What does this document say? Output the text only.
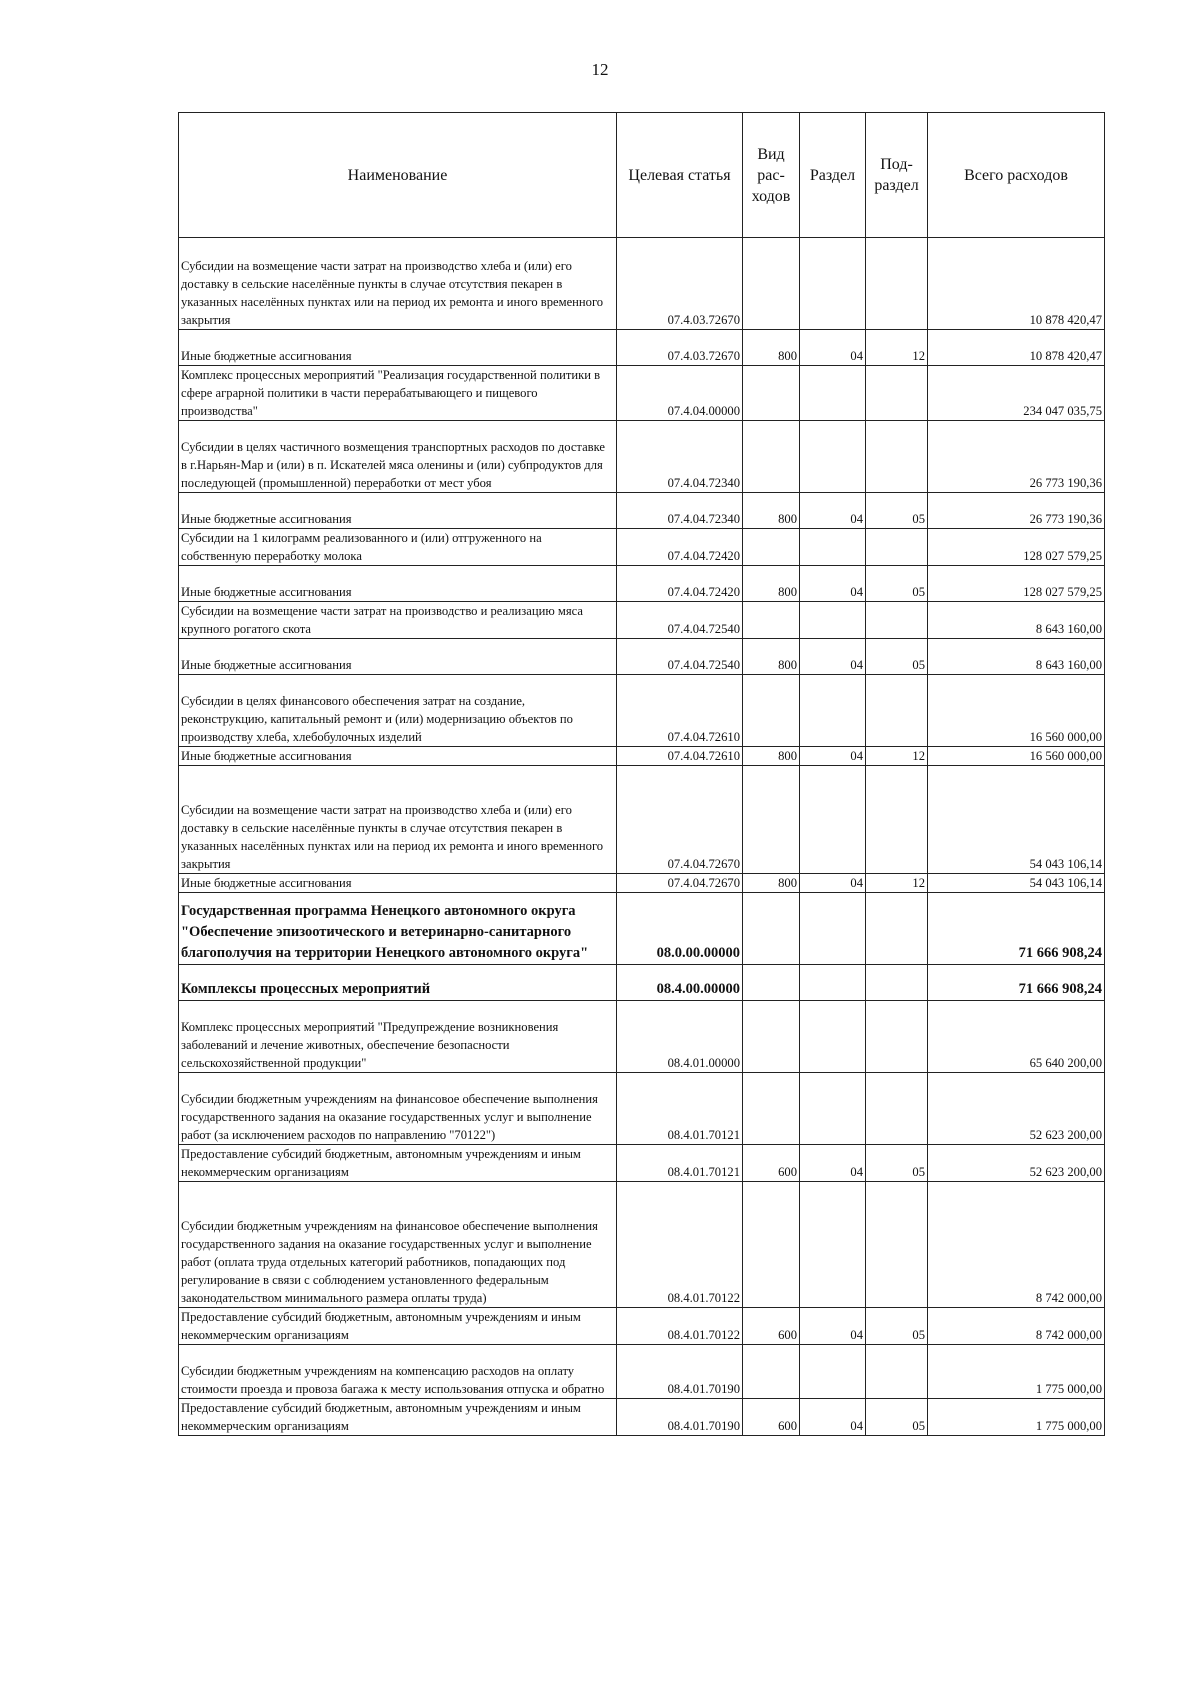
12
Наименование	Целевая статья	Вид рас-ходов	Раздел	Под-раздел	Всего расходов
Субсидии на возмещение части затрат на производство хлеба и (или) его доставку в сельские населённые пункты в случае отсутствия пекарен в указанных населённых пунктах или на период их ремонта и иного временного закрытия	07.4.03.72670				10 878 420,47
Иные бюджетные ассигнования	07.4.03.72670	800	04	12	10 878 420,47
Комплекс процессных мероприятий "Реализация государственной политики в сфере аграрной политики в части перерабатывающего и пищевого производства"	07.4.04.00000				234 047 035,75
Субсидии в целях частичного возмещения транспортных расходов по доставке в г.Нарьян-Мар и (или) в п. Искателей мяса оленины и (или) субпродуктов для последующей (промышленной) переработки от мест убоя	07.4.04.72340				26 773 190,36
Иные бюджетные ассигнования	07.4.04.72340	800	04	05	26 773 190,36
Субсидии на 1 килограмм реализованного и (или) отгруженного на собственную переработку молока	07.4.04.72420				128 027 579,25
Иные бюджетные ассигнования	07.4.04.72420	800	04	05	128 027 579,25
Субсидии на возмещение части затрат на производство и реализацию мяса крупного рогатого скота	07.4.04.72540				8 643 160,00
Иные бюджетные ассигнования	07.4.04.72540	800	04	05	8 643 160,00
Субсидии в целях финансового обеспечения затрат на создание, реконструкцию, капитальный ремонт и (или) модернизацию объектов по производству хлеба, хлебобулочных изделий	07.4.04.72610				16 560 000,00
Иные бюджетные ассигнования	07.4.04.72610	800	04	12	16 560 000,00
Субсидии на возмещение части затрат на производство хлеба и (или) его доставку в сельские населённые пункты в случае отсутствия пекарен в указанных населённых пунктах или на период их ремонта и иного временного закрытия	07.4.04.72670				54 043 106,14
Иные бюджетные ассигнования	07.4.04.72670	800	04	12	54 043 106,14
Государственная программа Ненецкого автономного округа "Обеспечение эпизоотического и ветеринарно-санитарного благополучия на территории Ненецкого автономного округа"	08.0.00.00000				71 666 908,24
Комплексы процессных мероприятий	08.4.00.00000				71 666 908,24
Комплекс процессных мероприятий "Предупреждение возникновения заболеваний и лечение животных, обеспечение безопасности сельскохозяйственной продукции"	08.4.01.00000				65 640 200,00
Субсидии бюджетным учреждениям на финансовое обеспечение выполнения государственного задания на оказание государственных услуг и выполнение работ (за исключением расходов по направлению "70122")	08.4.01.70121				52 623 200,00
Предоставление субсидий бюджетным, автономным учреждениям и иным некоммерческим организациям	08.4.01.70121	600	04	05	52 623 200,00
Субсидии бюджетным учреждениям на финансовое обеспечение выполнения государственного задания на оказание государственных услуг и выполнение работ (оплата труда отдельных категорий работников, попадающих под регулирование в связи с соблюдением установленного федеральным законодательством минимального размера оплаты труда)	08.4.01.70122				8 742 000,00
Предоставление субсидий бюджетным, автономным учреждениям и иным некоммерческим организациям	08.4.01.70122	600	04	05	8 742 000,00
Субсидии бюджетным учреждениям на компенсацию расходов на оплату стоимости проезда и провоза багажа к месту использования отпуска и обратно	08.4.01.70190				1 775 000,00
Предоставление субсидий бюджетным, автономным учреждениям и иным некоммерческим организациям	08.4.01.70190	600	04	05	1 775 000,00
